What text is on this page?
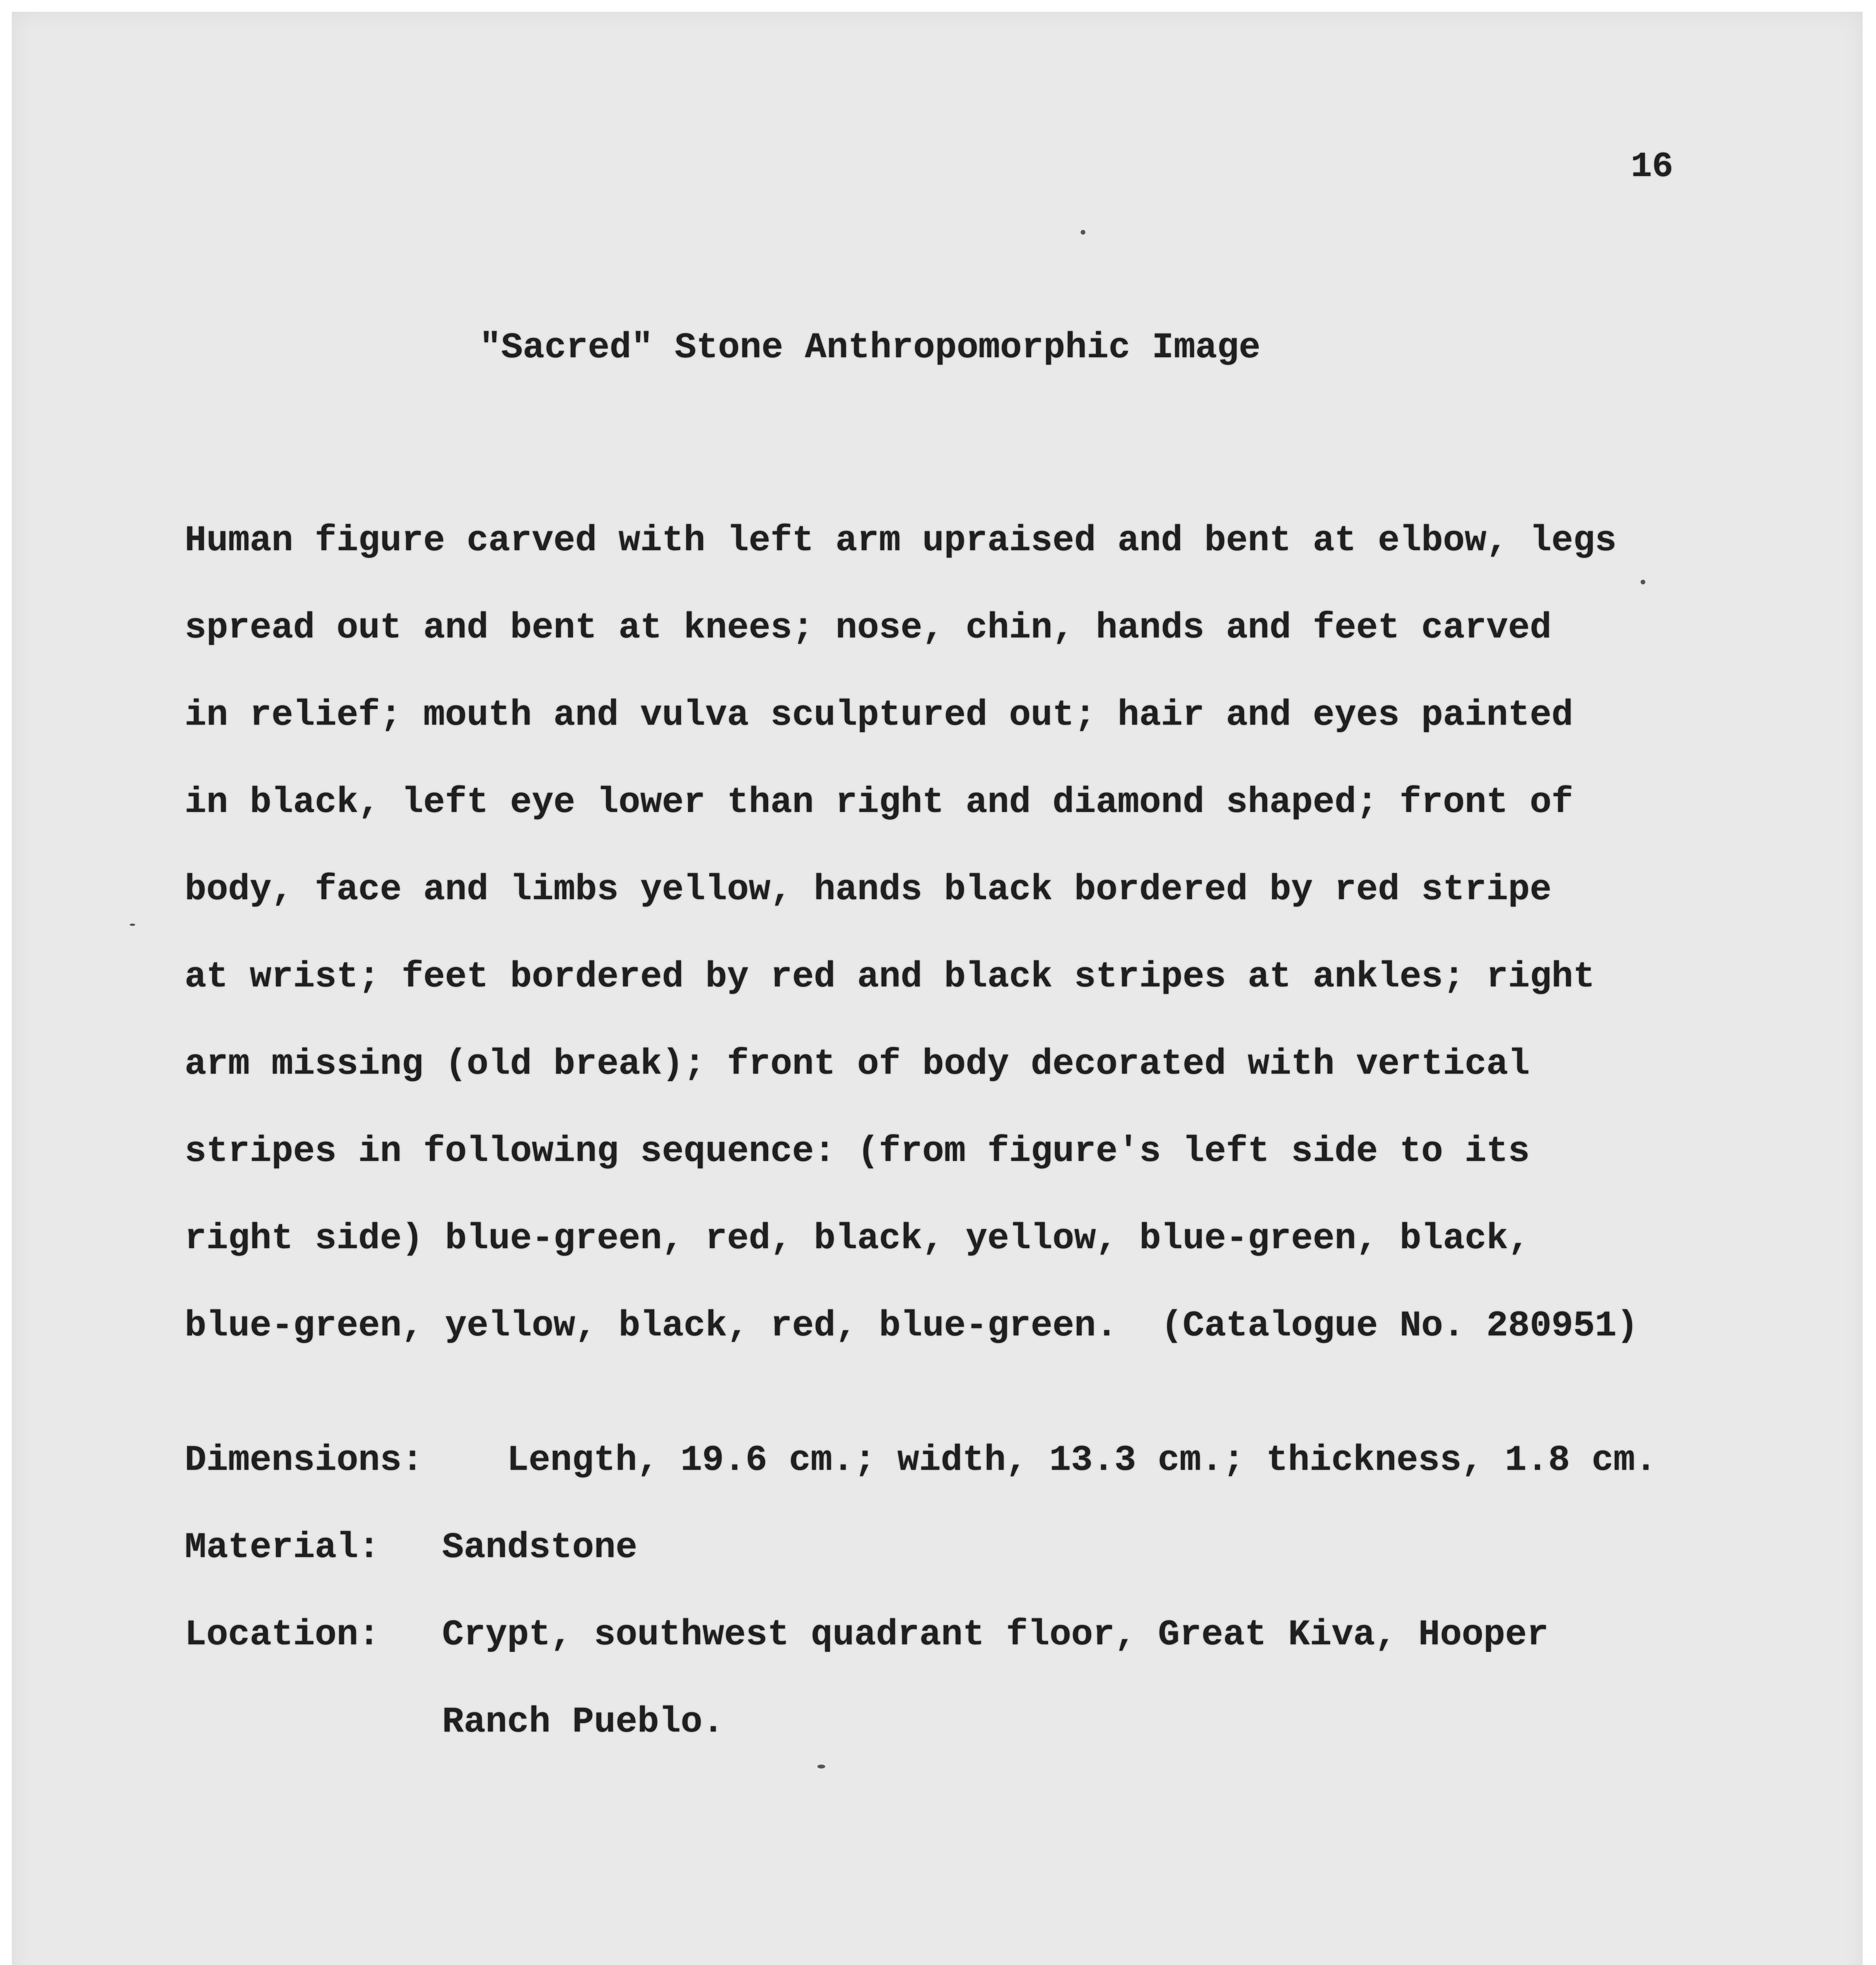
16

"Sacred" Stone Anthropomorphic Image
Human figure carved with left arm upraised and bent at elbow, legs
spread out and bent at knees; nose, chin, hands and feet carved
in relief; mouth and vulva sculptured out; hair and eyes painted
in black, left eye lower than right and diamond shaped; front of
body, face and limbs yellow, hands black bordered by red stripe
at wrist; feet bordered by red and black stripes at ankles; right
arm missing (old break); front of body decorated with vertical
stripes in following sequence: (from figure's left side to its
right side) blue-green, red, black, yellow, blue-green, black,
blue-green, yellow, black, red, blue-green.  (Catalogue No. 280951)

Dimensions:

Length, 19.6 cm.; width, 13.3 cm.; thickness, 1.8 cm.

Material:

Sandstone

Location:

Crypt, southwest quadrant floor, Great Kiva, Hooper

Ranch Pueblo.
